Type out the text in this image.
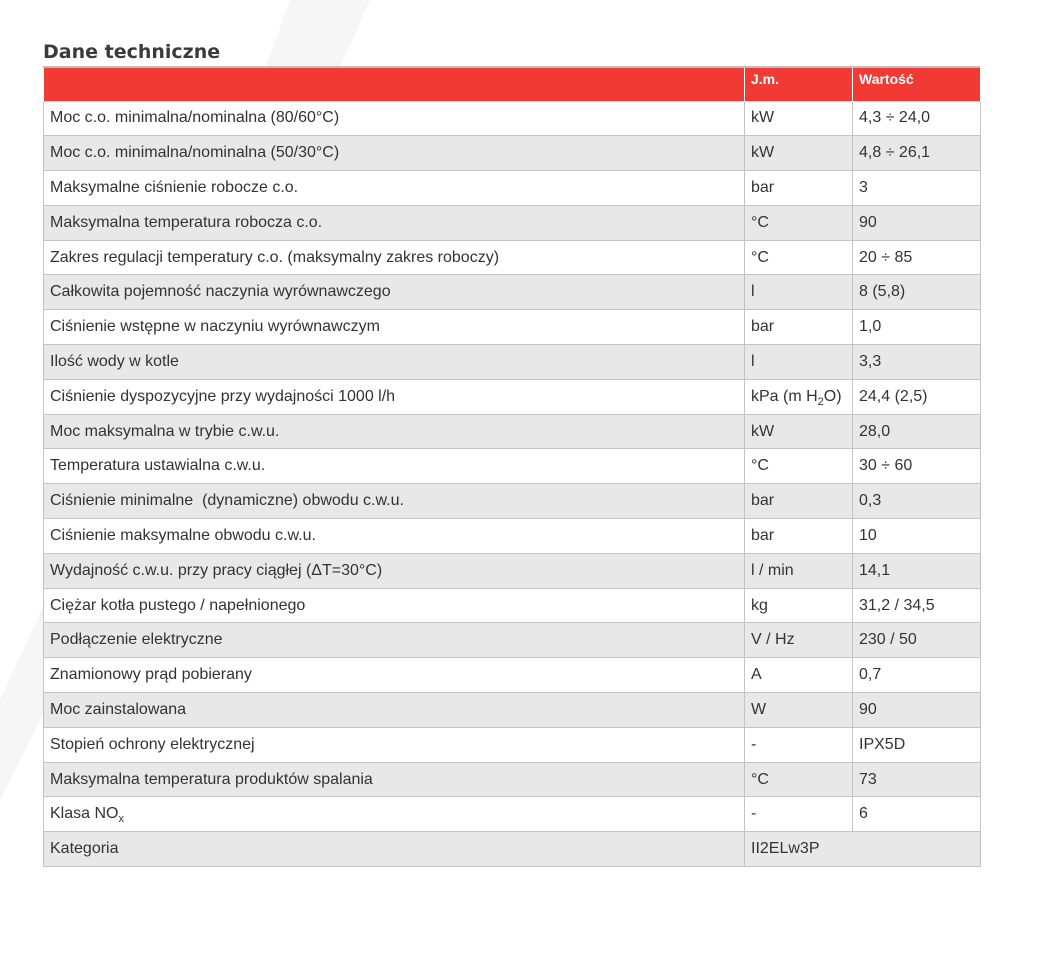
Dane techniczne
	J.m.	Wartość
Moc c.o. minimalna/nominalna (80/60°C)	kW	4,3 ÷ 24,0
Moc c.o. minimalna/nominalna (50/30°C)	kW	4,8 ÷ 26,1
Maksymalne ciśnienie robocze c.o.	bar	3
Maksymalna temperatura robocza c.o.	°C	90
Zakres regulacji temperatury c.o. (maksymalny zakres roboczy)	°C	20 ÷ 85
Całkowita pojemność naczynia wyrównawczego	l	8 (5,8)
Ciśnienie wstępne w naczyniu wyrównawczym	bar	1,0
Ilość wody w kotle	l	3,3
Ciśnienie dyspozycyjne przy wydajności 1000 l/h	kPa (m $H_2O$)	24,4 (2,5)
Moc maksymalna w trybie c.w.u.	kW	28,0
Temperatura ustawialna c.w.u.	°C	30 ÷ 60
Ciśnienie minimalne  (dynamiczne) obwodu c.w.u.	bar	0,3
Ciśnienie maksymalne obwodu c.w.u.	bar	10
Wydajność c.w.u. przy pracy ciągłej (ΔT=30°C)	l / min	14,1
Ciężar kotła pustego / napełnionego	kg	31,2 / 34,5
Podłączenie elektryczne	V / Hz	230 / 50
Znamionowy prąd pobierany	A	0,7
Moc zainstalowana	W	90
Stopień ochrony elektrycznej	-	IPX5D
Maksymalna temperatura produktów spalania	°C	73
Klasa $NO_x$	-	6
Kategoria	II2ELw3P	
